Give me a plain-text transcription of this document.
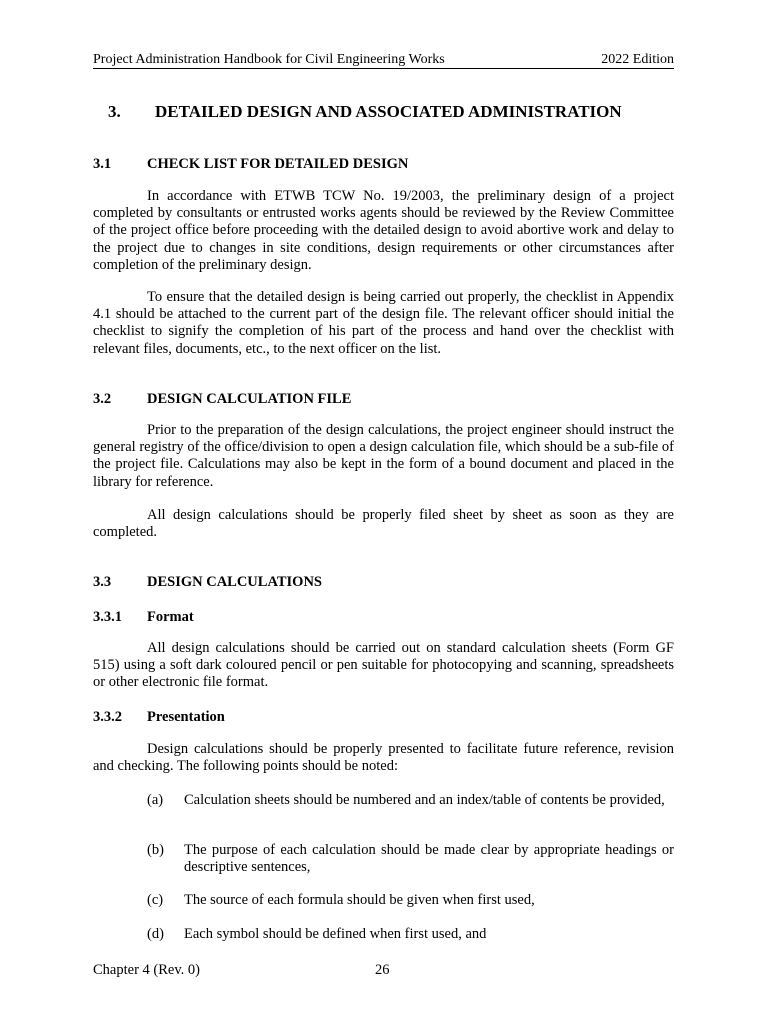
Project Administration Handbook for Civil Engineering Works	2022 Edition
3. DETAILED DESIGN AND ASSOCIATED ADMINISTRATION
3.1 CHECK LIST FOR DETAILED DESIGN

In accordance with ETWB TCW No. 19/2003, the preliminary design of a project completed by consultants or entrusted works agents should be reviewed by the Review Committee of the project office before proceeding with the detailed design to avoid abortive work and delay to the project due to changes in site conditions, design requirements or other circumstances after completion of the preliminary design.

To ensure that the detailed design is being carried out properly, the checklist in Appendix 4.1 should be attached to the current part of the design file. The relevant officer should initial the checklist to signify the completion of his part of the process and hand over the checklist with relevant files, documents, etc., to the next officer on the list.

3.2 DESIGN CALCULATION FILE

Prior to the preparation of the design calculations, the project engineer should instruct the general registry of the office/division to open a design calculation file, which should be a sub-file of the project file. Calculations may also be kept in the form of a bound document and placed in the library for reference.

All design calculations should be properly filed sheet by sheet as soon as they are completed.

3.3 DESIGN CALCULATIONS
3.3.1 Format

All design calculations should be carried out on standard calculation sheets (Form GF 515) using a soft dark coloured pencil or pen suitable for photocopying and scanning, spreadsheets or other electronic file format.

3.3.2 Presentation

Design calculations should be properly presented to facilitate future reference, revision and checking. The following points should be noted:

(a) Calculation sheets should be numbered and an index/table of contents be provided,
(b) The purpose of each calculation should be made clear by appropriate headings or descriptive sentences,
(c) The source of each formula should be given when first used,
(d) Each symbol should be defined when first used, and
Chapter 4 (Rev. 0)	26
